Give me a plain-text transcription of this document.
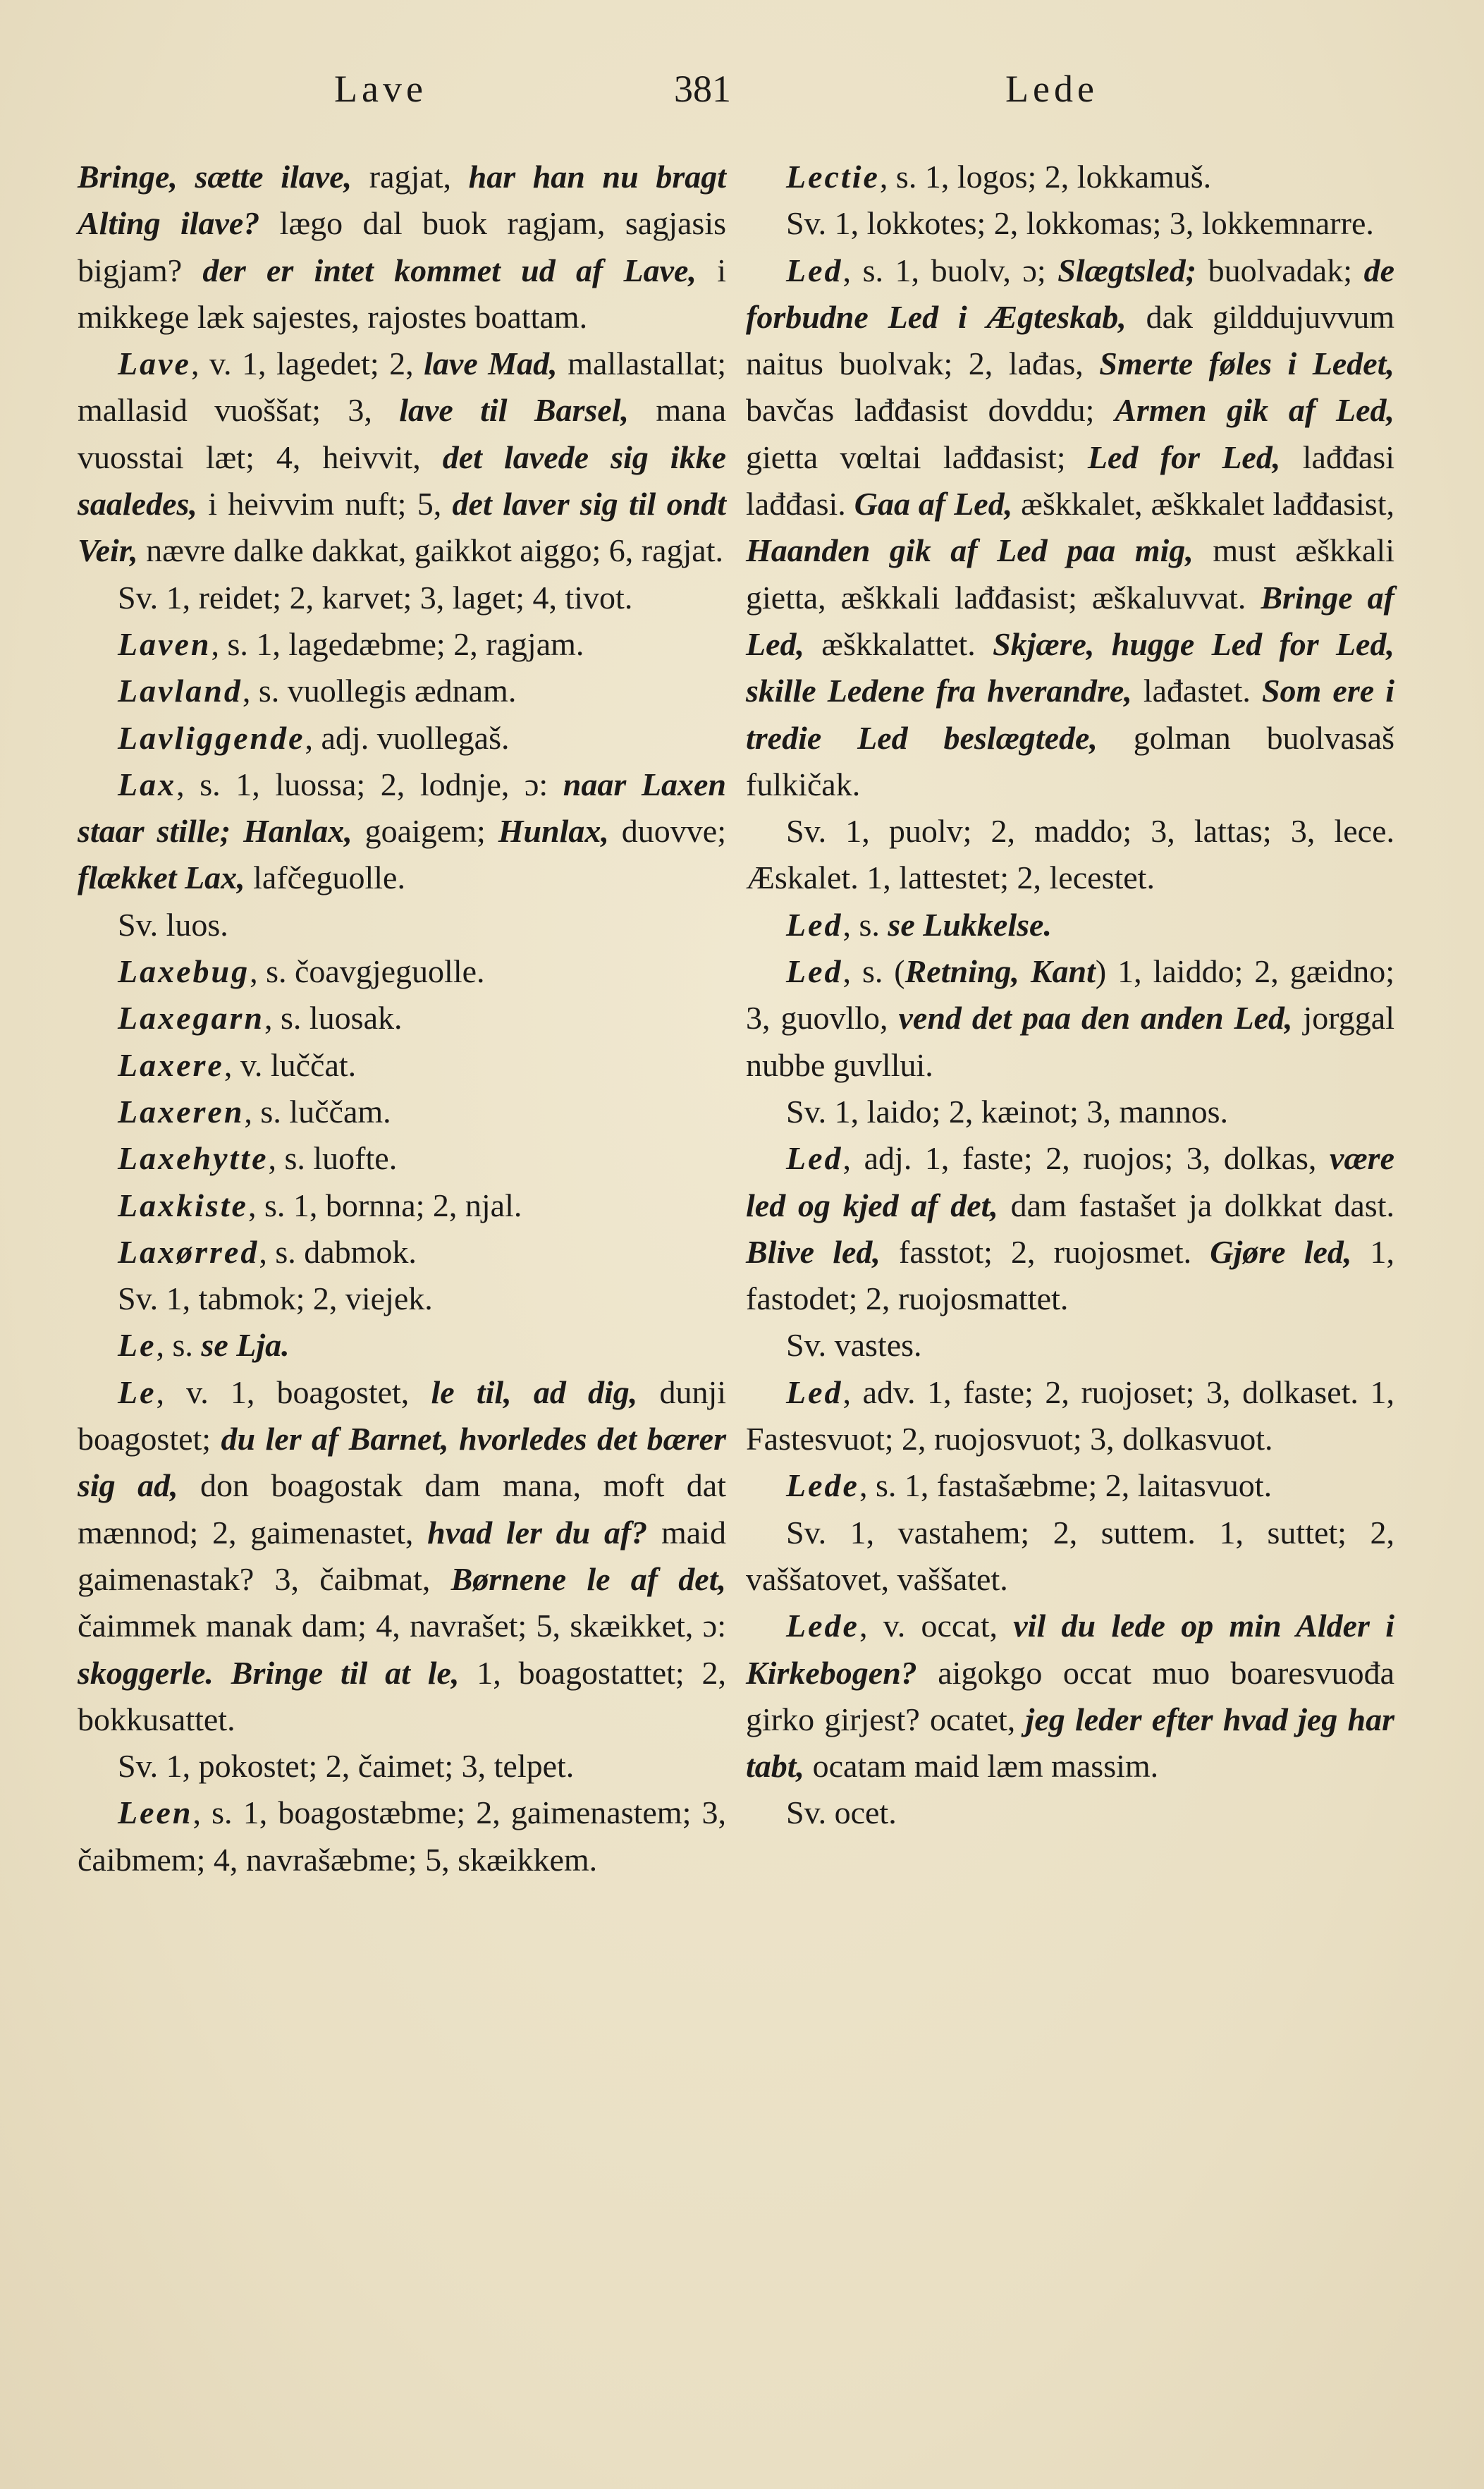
Lave	381	Lede

Bringe, sætte ilave, ragjat, har han nu bragt Alting ilave? lægo dal buok ragjam, sagjasis bigjam? der er intet kommet ud af Lave, i mikkege læk sajestes, rajostes boattam.

Lave, v. 1, lagedet; 2, lave Mad, mallastallat; mallasid vuoššat; 3, lave til Barsel, mana vuosstai læt; 4, heivvit, det lavede sig ikke saaledes, i heivvim nuft; 5, det laver sig til ondt Veir, nævre dalke dakkat, gaikkot aiggo; 6, ragjat.

Sv. 1, reidet; 2, karvet; 3, laget; 4, tivot.

Laven, s. 1, lagedæbme; 2, ragjam.

Lavland, s. vuollegis ædnam.

Lavliggende, adj. vuollegaš.

Lax, s. 1, luossa; 2, lodnje, ɔ: naar Laxen staar stille; Hanlax, goaigem; Hunlax, duovve; flækket Lax, lafčeguolle.

Sv. luos.

Laxebug, s. čoavgjeguolle.

Laxegarn, s. luosak.

Laxere, v. luččat.

Laxeren, s. luččam.

Laxehytte, s. luofte.

Laxkiste, s. 1, bornna; 2, njal.

Laxørred, s. dabmok.

Sv. 1, tabmok; 2, viejek.

Le, s. se Lja.

Le, v. 1, boagostet, le til, ad dig, dunji boagostet; du ler af Barnet, hvorledes det bærer sig ad, don boagostak dam mana, moft dat mænnod; 2, gaimenastet, hvad ler du af? maid gaimenastak? 3, čaibmat, Børnene le af det, čaimmek manak dam; 4, navrašet; 5, skæikket, ɔ: skoggerle. Bringe til at le, 1, boagostattet; 2, bokkusattet.

Sv. 1, pokostet; 2, čaimet; 3, telpet.

Leen, s. 1, boagostæbme; 2, gaimenastem; 3, čaibmem; 4, navrašæbme; 5, skæikkem.

Lectie, s. 1, logos; 2, lokkamuš.

Sv. 1, lokkotes; 2, lokkomas; 3, lokkemnarre.

Led, s. 1, buolv, ɔ; Slægtsled; buolvadak; de forbudne Led i Ægteskab, dak gilddujuvvum naitus buolvak; 2, lađas, Smerte føles i Ledet, bavčas lađđasist dovddu; Armen gik af Led, gietta vœltai lađđasist; Led for Led, lađđasi lađđasi. Gaa af Led, æškkalet, æškkalet lađđasist, Haanden gik af Led paa mig, must æškkali gietta, æškkali lađđasist; æškaluvvat. Bringe af Led, æškkalattet. Skjære, hugge Led for Led, skille Ledene fra hverandre, lađastet. Som ere i tredie Led beslægtede, golman buolvasaš fulkičak.

Sv. 1, puolv; 2, maddo; 3, lattas; 3, lece. Æskalet. 1, lattestet; 2, lecestet.

Led, s. se Lukkelse.

Led, s. (Retning, Kant) 1, laiddo; 2, gæidno; 3, guovllo, vend det paa den anden Led, jorggal nubbe guvllui.

Sv. 1, laido; 2, kæinot; 3, mannos.

Led, adj. 1, faste; 2, ruojos; 3, dolkas, være led og kjed af det, dam fastašet ja dolkkat dast. Blive led, fasstot; 2, ruojosmet. Gjøre led, 1, fastodet; 2, ruojosmattet.

Sv. vastes.

Led, adv. 1, faste; 2, ruojoset; 3, dolkaset. 1, Fastesvuot; 2, ruojosvuot; 3, dolkasvuot.

Lede, s. 1, fastašæbme; 2, laitasvuot.

Sv. 1, vastahem; 2, suttem. 1, suttet; 2, vaššatovet, vaššatet.

Lede, v. occat, vil du lede op min Alder i Kirkebogen? aigokgo occat muo boaresvuođa girko girjest? ocatet, jeg leder efter hvad jeg har tabt, ocatam maid læm massim.

Sv. ocet.
